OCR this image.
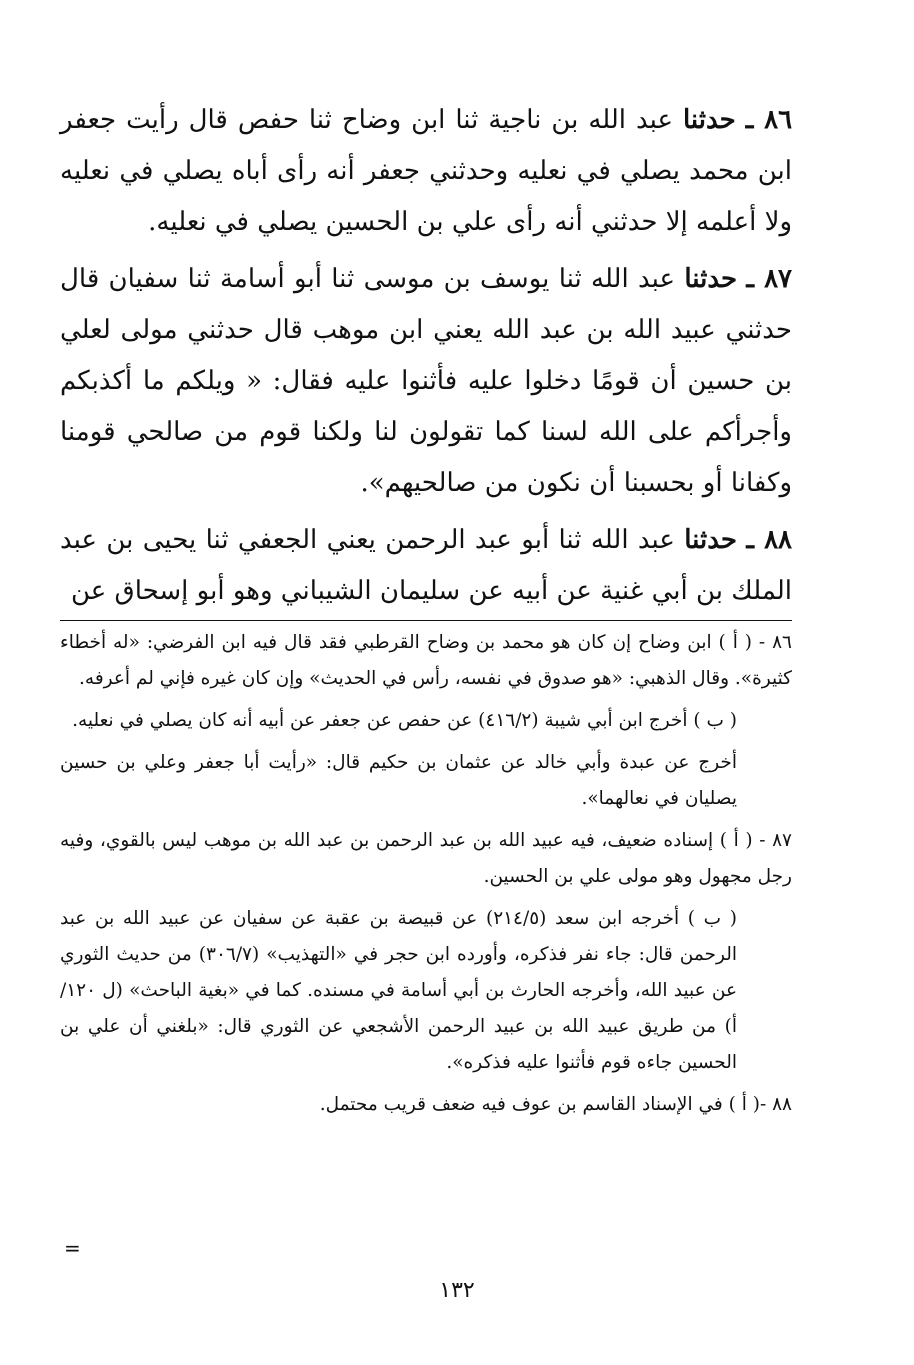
٨٦ ـ حدثنا عبد الله بن ناجية ثنا ابن وضاح ثنا حفص قال رأيت جعفر ابن محمد يصلي في نعليه وحدثني جعفر أنه رأى أباه يصلي في نعليه ولا أعلمه إلا حدثني أنه رأى علي بن الحسين يصلي في نعليه.

٨٧ ـ حدثنا عبد الله ثنا يوسف بن موسى ثنا أبو أسامة ثنا سفيان قال حدثني عبيد الله بن عبد الله يعني ابن موهب قال حدثني مولى لعلي بن حسين أن قومًا دخلوا عليه فأثنوا عليه فقال: « ويلكم ما أكذبكم وأجرأكم على الله لسنا كما تقولون لنا ولكنا قوم من صالحي قومنا وكفانا أو بحسبنا أن نكون من صالحيهم».

٨٨ ـ حدثنا عبد الله ثنا أبو عبد الرحمن يعني الجعفي ثنا يحيى بن عبد الملك بن أبي غنية عن أبيه عن سليمان الشيباني وهو أبو إسحاق عن

٨٦ - ( أ ) ابن وضاح إن كان هو محمد بن وضاح القرطبي فقد قال فيه ابن الفرضي: «له أخطاء كثيرة». وقال الذهبي: «هو صدوق في نفسه، رأس في الحديث» وإن كان غيره فإني لم أعرفه.

( ب ) أخرج ابن أبي شيبة (٤١٦/٢) عن حفص عن جعفر عن أبيه أنه كان يصلي في نعليه.

أخرج عن عبدة وأبي خالد عن عثمان بن حكيم قال: «رأيت أبا جعفر وعلي بن حسين يصليان في نعالهما».

٨٧ - ( أ ) إسناده ضعيف، فيه عبيد الله بن عبد الرحمن بن عبد الله بن موهب ليس بالقوي، وفيه رجل مجهول وهو مولى علي بن الحسين.

( ب ) أخرجه ابن سعد (٢١٤/٥) عن قبيصة بن عقبة عن سفيان عن عبيد الله بن عبد الرحمن قال: جاء نفر فذكره، وأورده ابن حجر في «التهذيب» (٣٠٦/٧) من حديث الثوري عن عبيد الله، وأخرجه الحارث بن أبي أسامة في مسنده. كما في «بغية الباحث» (ل ١٢٠/أ) من طريق عبيد الله بن عبيد الرحمن الأشجعي عن الثوري قال: «بلغني أن علي بن الحسين جاءه قوم فأثنوا عليه فذكره».

٨٨ -( أ ) في الإسناد القاسم بن عوف فيه ضعف قريب محتمل.

=
١٣٢
